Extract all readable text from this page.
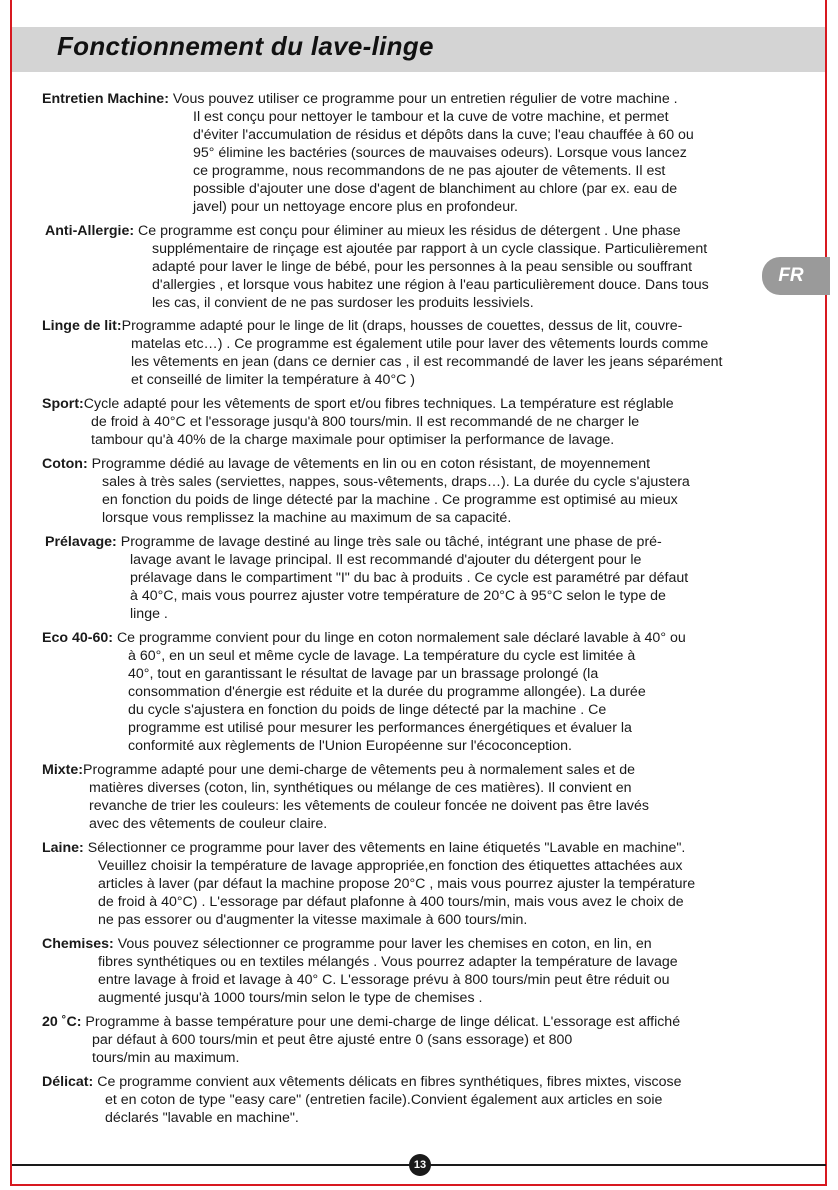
Fonctionnement du lave-linge
FR
Entretien Machine: Vous pouvez utiliser ce programme pour un entretien régulier de votre machine .
Il est conçu pour nettoyer le tambour et la cuve de votre machine, et permet
d'éviter l'accumulation de résidus et dépôts dans la cuve; l'eau chauffée à 60 ou
95° élimine les bactéries (sources de mauvaises odeurs). Lorsque vous lancez
ce programme, nous recommandons de ne pas ajouter de vêtements. Il est
possible d'ajouter une dose d'agent de blanchiment au chlore (par ex. eau de
javel) pour un nettoyage encore plus en profondeur.
Anti-Allergie: Ce programme est conçu pour éliminer au mieux les résidus de détergent . Une phase
supplémentaire de rinçage est ajoutée par rapport à un cycle classique. Particulièrement
adapté pour laver le linge de bébé, pour les personnes à la peau sensible ou souffrant
d'allergies , et lorsque vous habitez une région à l'eau particulièrement douce. Dans tous
les cas, il convient de ne pas surdoser les produits lessiviels.
Linge de lit:Programme adapté pour le linge de lit (draps, housses de couettes, dessus de lit, couvre-
matelas etc…) . Ce programme est également utile pour laver des vêtements lourds comme
les vêtements en jean (dans ce dernier cas , il est recommandé de laver les jeans séparément
et conseillé de limiter la température à 40°C )
Sport:Cycle adapté pour les vêtements de sport et/ou fibres techniques. La température est réglable
de froid à 40°C et l'essorage jusqu'à 800 tours/min. Il est recommandé de ne charger le
tambour qu'à 40% de la charge maximale pour optimiser la performance de lavage.
Coton: Programme dédié au lavage de vêtements en lin ou en coton résistant, de moyennement
sales à très sales (serviettes, nappes, sous-vêtements, draps…). La durée du cycle s'ajustera
en fonction du poids de linge détecté par la machine . Ce programme est optimisé au mieux
lorsque vous remplissez la machine au maximum de sa capacité.
Prélavage: Programme de lavage destiné au linge très sale ou tâché, intégrant une phase de pré-
lavage avant le lavage principal. Il est recommandé d'ajouter du détergent pour le
prélavage dans le compartiment "I" du bac à produits . Ce cycle est paramétré par défaut
à 40°C, mais vous pourrez ajuster votre température de 20°C à 95°C selon le type de
linge .
Eco 40-60: Ce programme convient pour du linge en coton normalement sale déclaré lavable à 40° ou
à 60°, en un seul et même cycle de lavage. La température du cycle est limitée à
40°, tout en garantissant le résultat de lavage par un brassage prolongé (la
consommation d'énergie est réduite et la durée du programme allongée). La durée
du cycle s'ajustera en fonction du poids de linge détecté par la machine . Ce
programme est utilisé pour mesurer les performances énergétiques et évaluer la
conformité aux règlements de l'Union Européenne sur l'écoconception.
Mixte:Programme adapté pour une demi-charge de vêtements peu à normalement sales et de
matières diverses (coton, lin, synthétiques ou mélange de ces matières). Il convient en
revanche de trier les couleurs: les vêtements de couleur foncée ne doivent pas être lavés
avec des vêtements de couleur claire.
Laine: Sélectionner ce programme pour laver des vêtements en laine étiquetés "Lavable en machine".
Veuillez choisir la température de lavage appropriée,en fonction des étiquettes attachées aux
articles à laver (par défaut la machine propose 20°C , mais vous pourrez ajuster la température
de froid à 40°C) . L'essorage par défaut plafonne à 400 tours/min, mais vous avez le choix de
ne pas essorer ou d'augmenter la vitesse maximale à 600 tours/min.
Chemises: Vous pouvez sélectionner ce programme pour laver les chemises en coton, en lin, en
fibres synthétiques ou en textiles mélangés . Vous pourrez adapter la température de lavage
entre lavage à froid et lavage à 40° C. L'essorage prévu à 800 tours/min peut être réduit ou
augmenté jusqu'à 1000 tours/min selon le type de chemises .
20 ˚C: Programme à basse température pour une demi-charge de linge délicat. L'essorage est affiché
par défaut à 600 tours/min et peut être ajusté entre 0 (sans essorage) et 800
tours/min au maximum.
Délicat: Ce programme convient aux vêtements délicats en fibres synthétiques, fibres mixtes, viscose
et en coton de type "easy care" (entretien facile).Convient également aux articles en soie
déclarés "lavable en machine".
13
